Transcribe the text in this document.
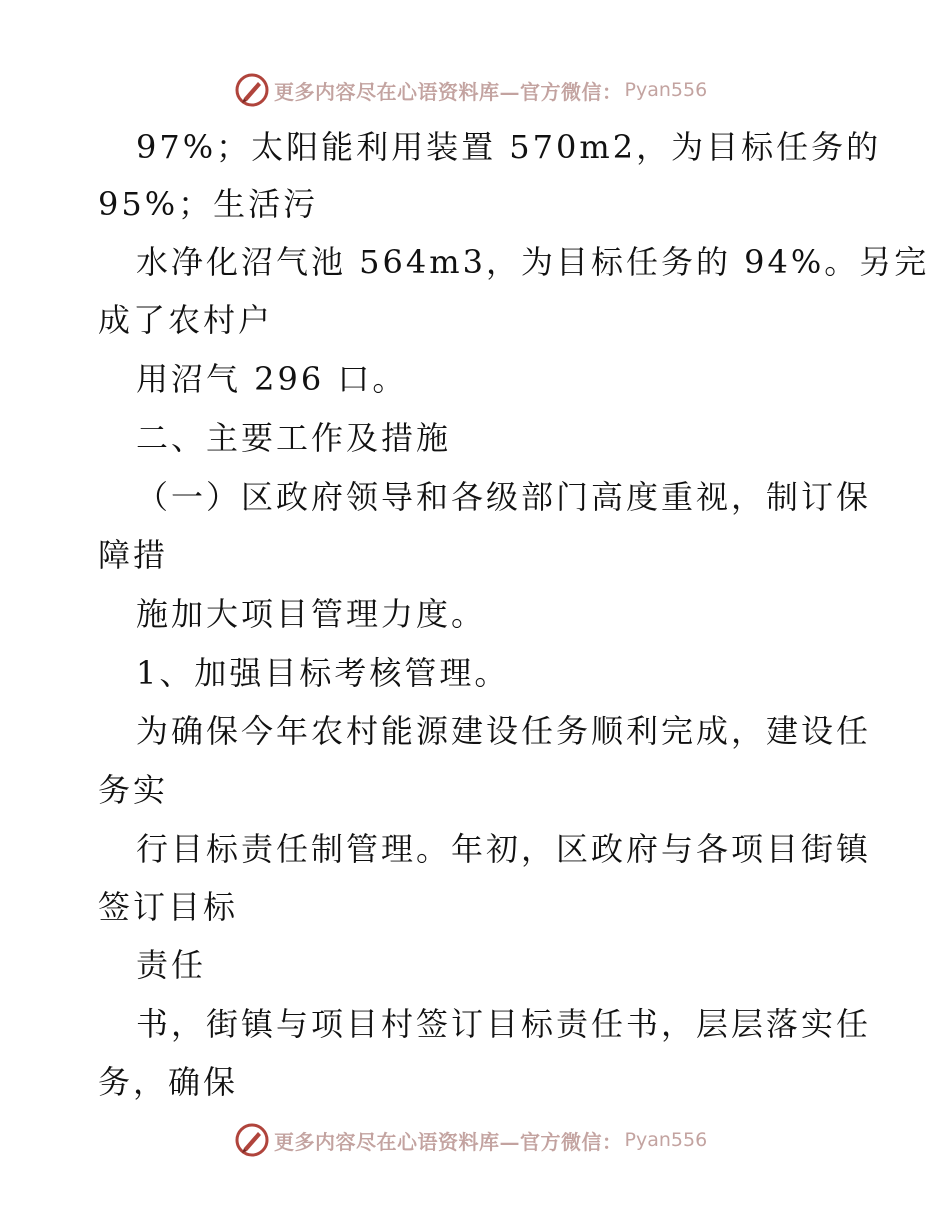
更多内容尽在心语资料库—官方微信： Pyan556
97%；太阳能利用装置 570m2，为目标任务的
95%；生活污
水净化沼气池 564m3，为目标任务的 94%。另完
成了农村户
用沼气 296 口。
二、主要工作及措施
（一）区政府领导和各级部门高度重视，制订保
障措
施加大项目管理力度。
1、加强目标考核管理。
为确保今年农村能源建设任务顺利完成，建设任
务实
行目标责任制管理。年初，区政府与各项目街镇
签订目标
责任
书，街镇与项目村签订目标责任书，层层落实任
务，确保
更多内容尽在心语资料库—官方微信： Pyan556
